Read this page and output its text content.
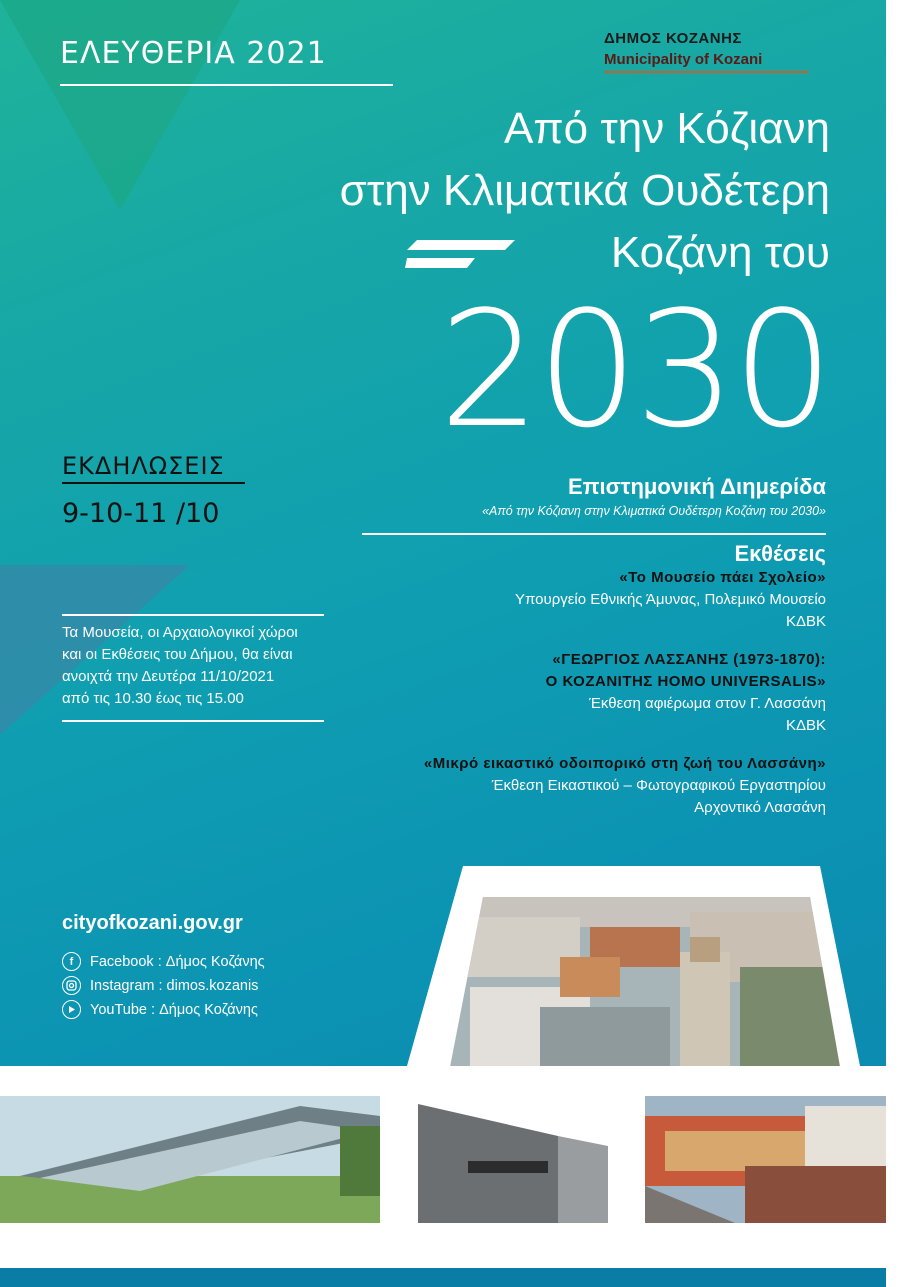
ΕΛΕΥΘΕΡΙΑ 2021	ΔΗΜΟΣ ΚΟΖΑΝΗΣ
Municipality of Kozani
Από την Κόζιανη
στην Κλιματικά Ουδέτερη
Κοζάνη του
2030
ΕΚΔΗΛΩΣΕΙΣ
9-10-11 /10
Τα Μουσεία, οι Αρχαιολογικοί χώροι
και οι Εκθέσεις του Δήμου, θα είναι
ανοιχτά την Δευτέρα 11/10/2021
από τις 10.30 έως τις 15.00
Επιστημονική Διημερίδα
«Από την Κόζιανη στην Κλιματικά Ουδέτερη Κοζάνη του 2030»
Εκθέσεις
«Το Μουσείο πάει Σχολείο»
Υπουργείο Εθνικής Άμυνας, Πολεμικό Μουσείο
ΚΔΒΚ
«ΓΕΩΡΓΙΟΣ ΛΑΣΣΑΝΗΣ (1973-1870):
Ο ΚΟΖΑΝΙΤΗΣ HOMO UNIVERSALIS»
Έκθεση αφιέρωμα στον Γ. Λασσάνη
ΚΔΒΚ
«Μικρό εικαστικό οδοιπορικό στη ζωή του Λασσάνη»
Έκθεση Εικαστικού – Φωτογραφικού Εργαστηρίου
Αρχοντικό Λασσάνη
cityofkozani.gov.gr
f	Facebook : Δήμος Κοζάνης
Instagram : dimos.kozanis
YouTube : Δήμος Κοζάνης
